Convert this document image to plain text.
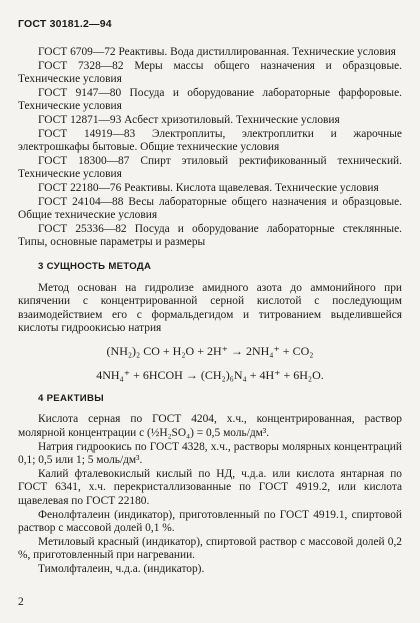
ГОСТ 30181.2—94

ГОСТ 6709—72 Реактивы. Вода дистиллированная. Технические условия

ГОСТ 7328—82 Меры массы общего назначения и образцовые. Технические условия

ГОСТ 9147—80 Посуда и оборудование лабораторные фарфоровые. Технические условия

ГОСТ 12871—93 Асбест хризотиловый. Технические условия

ГОСТ 14919—83 Электроплиты, электроплитки и жарочные электрошкафы бытовые. Общие технические условия

ГОСТ 18300—87 Спирт этиловый ректификованный технический. Технические условия

ГОСТ 22180—76 Реактивы. Кислота щавелевая. Технические условия

ГОСТ 24104—88 Весы лабораторные общего назначения и образцовые. Общие технические условия

ГОСТ 25336—82 Посуда и оборудование лабораторные стеклянные. Типы, основные параметры и размеры

3 СУЩНОСТЬ МЕТОДА

Метод основан на гидролизе амидного азота до аммонийного при кипячении с концентрированной серной кислотой с последующим взаимодействием его с формальдегидом и титрованием выделившейся кислоты гидроокисью натрия

(NH₂)₂ CO + H₂O + 2H⁺ → 2NH₄⁺ + CO₂
4NH₄⁺ + 6HCOH → (CH₂)₆N₄ + 4H⁺ + 6H₂O.
4 РЕАКТИВЫ

Кислота серная по ГОСТ 4204, х.ч., концентрированная, раствор молярной концентрации c (½H₂SO₄) = 0,5 моль/дм³.

Натрия гидроокись по ГОСТ 4328, х.ч., растворы молярных концентраций 0,1; 0,5 или 1; 5 моль/дм³.

Калий фталевокислый кислый по НД, ч.д.а. или кислота янтарная по ГОСТ 6341, х.ч. перекристаллизованные по ГОСТ 4919.2, или кислота щавелевая по ГОСТ 22180.

Фенолфталеин (индикатор), приготовленный по ГОСТ 4919.1, спиртовой раствор с массовой долей 0,1 %.

Метиловый красный (индикатор), спиртовой раствор с массовой долей 0,2 %, приготовленный при нагревании.

Тимолфталеин, ч.д.а. (индикатор).

2
